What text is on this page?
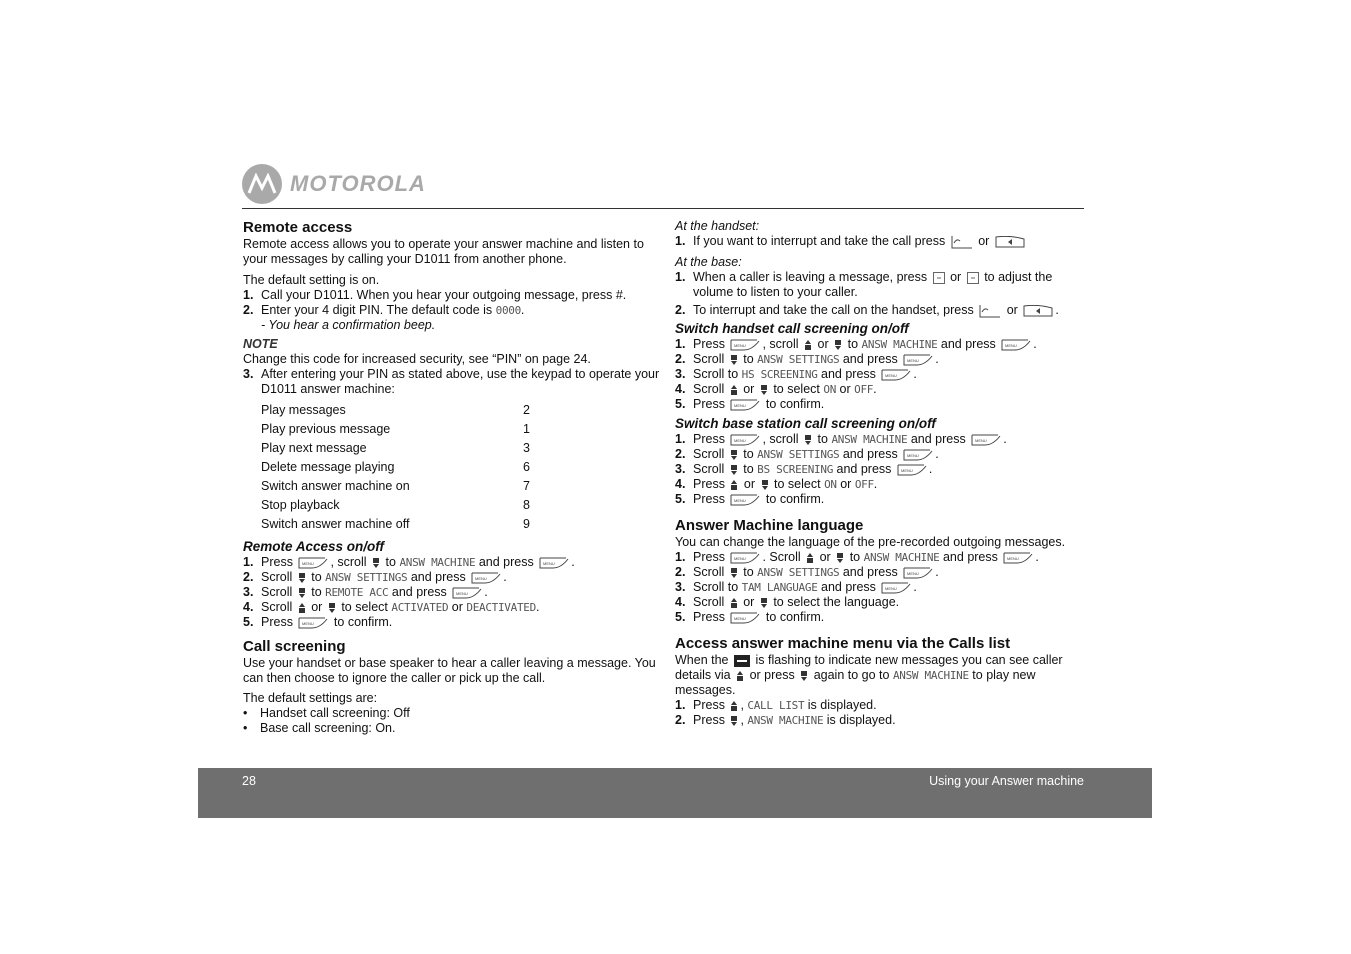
MOTOROLA
Remote access

Remote access allows you to operate your answer machine and listen to your messages by calling your D1011 from another phone.

The default setting is on.

1. Call your D1011. When you hear your outgoing message, press #.
2. Enter your 4 digit PIN. The default code is 0000.
- You hear a confirmation beep.

NOTE

Change this code for increased security, see “PIN” on page 24.

3. After entering your PIN as stated above, use the keypad to operate your D1011 answer machine:
Play messages	2
Play previous message	1
Play next message	3
Delete message playing	6
Switch answer machine on	7
Stop playback	8
Switch answer machine off	9
Remote Access on/off
1. Press	, scroll to ANSW MACHINE and press	.
2. Scroll to ANSW SETTINGS and press	.
3. Scroll to REMOTE ACC and press	.
4. Scroll or to select ACTIVATED or DEACTIVATED.
5. Press	to confirm.
Call screening

Use your handset or base speaker to hear a caller leaving a message. You can then choose to ignore the caller or pick up the call.

The default settings are:

•	Handset call screening: Off
•	Base call screening: On.

At the handset:

1. If you want to interrupt and take the call press	or

At the base:

1. When a caller is leaving a message, press or to adjust the volume to listen to your caller.
2. To interrupt and take the call on the handset, press	or	.
Switch handset call screening on/off
1. Press	, scroll or to ANSW MACHINE and press	.
2. Scroll to ANSW SETTINGS and press	.
3. Scroll to HS SCREENING and press	.
4. Scroll or to select ON or OFF.
5. Press	to confirm.
Switch base station call screening on/off
1. Press	, scroll to ANSW MACHINE and press	.
2. Scroll to ANSW SETTINGS and press	.
3. Scroll to BS SCREENING and press	.
4. Press or to select ON or OFF.
5. Press	to confirm.
Answer Machine language

You can change the language of the pre-recorded outgoing messages.

1. Press	. Scroll or to ANSW MACHINE and press	.
2. Scroll to ANSW SETTINGS and press	.
3. Scroll to TAM LANGUAGE and press	.
4. Scroll or to select the language.
5. Press	to confirm.
Access answer machine menu via the Calls list

When the is flashing to indicate new messages you can see caller details via or press again to go to ANSW MACHINE to play new messages.

1. Press , CALL LIST is displayed.
2. Press , ANSW MACHINE is displayed.
28	Using your Answer machine
